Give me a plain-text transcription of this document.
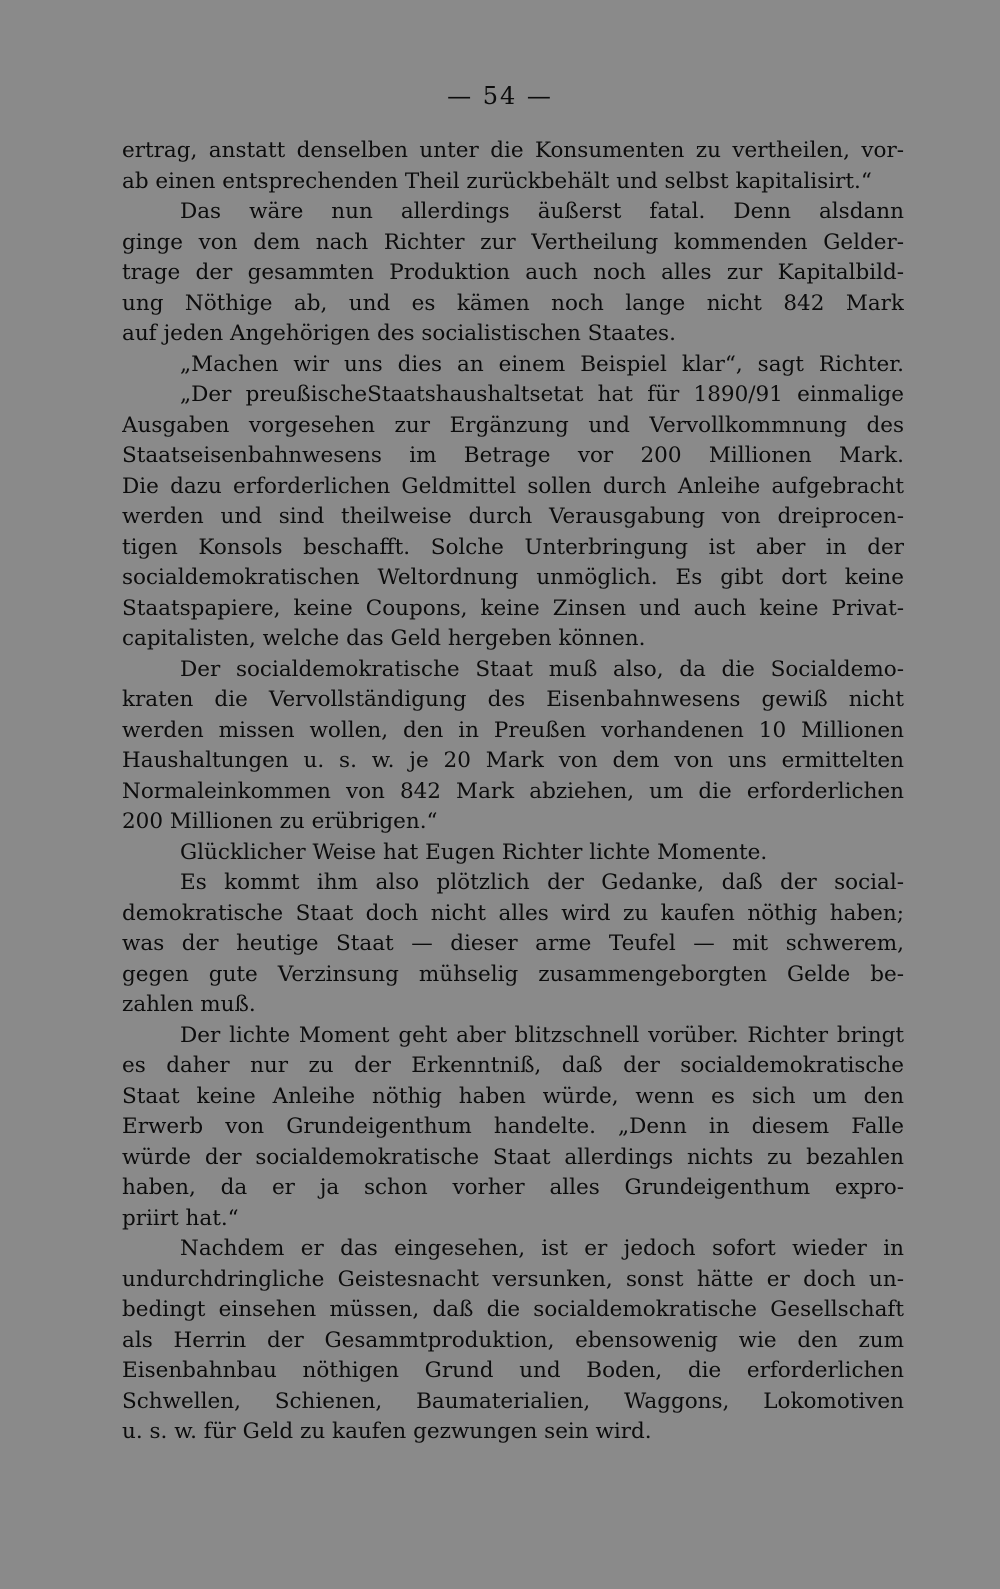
— 54 —
ertrag, anstatt denselben unter die Konsumenten zu vertheilen, vor-
ab einen entsprechenden Theil zurückbehält und selbst kapitalisirt.“
Das wäre nun allerdings äußerst fatal. Denn alsdann
ginge von dem nach Richter zur Vertheilung kommenden Gelder-
trage der gesammten Produktion auch noch alles zur Kapitalbild-
ung Nöthige ab, und es kämen noch lange nicht 842 Mark
auf jeden Angehörigen des socialistischen Staates.
„Machen wir uns dies an einem Beispiel klar“, sagt Richter.
„Der preußischeStaatshaushaltsetat hat für 1890/91 einmalige
Ausgaben vorgesehen zur Ergänzung und Vervollkommnung des
Staatseisenbahnwesens im Betrage vor 200 Millionen Mark.
Die dazu erforderlichen Geldmittel sollen durch Anleihe aufgebracht
werden und sind theilweise durch Verausgabung von dreiprocen-
tigen Konsols beschafft. Solche Unterbringung ist aber in der
socialdemokratischen Weltordnung unmöglich. Es gibt dort keine
Staatspapiere, keine Coupons, keine Zinsen und auch keine Privat-
capitalisten, welche das Geld hergeben können.
Der socialdemokratische Staat muß also, da die Socialdemo-
kraten die Vervollständigung des Eisenbahnwesens gewiß nicht
werden missen wollen, den in Preußen vorhandenen 10 Millionen
Haushaltungen u. s. w. je 20 Mark von dem von uns ermittelten
Normaleinkommen von 842 Mark abziehen, um die erforderlichen
200 Millionen zu erübrigen.“
Glücklicher Weise hat Eugen Richter lichte Momente.
Es kommt ihm also plötzlich der Gedanke, daß der social-
demokratische Staat doch nicht alles wird zu kaufen nöthig haben;
was der heutige Staat — dieser arme Teufel — mit schwerem,
gegen gute Verzinsung mühselig zusammengeborgten Gelde be-
zahlen muß.
Der lichte Moment geht aber blitzschnell vorüber. Richter bringt
es daher nur zu der Erkenntniß, daß der socialdemokratische
Staat keine Anleihe nöthig haben würde, wenn es sich um den
Erwerb von Grundeigenthum handelte. „Denn in diesem Falle
würde der socialdemokratische Staat allerdings nichts zu bezahlen
haben, da er ja schon vorher alles Grundeigenthum expro-
priirt hat.“
Nachdem er das eingesehen, ist er jedoch sofort wieder in
undurchdringliche Geistesnacht versunken, sonst hätte er doch un-
bedingt einsehen müssen, daß die socialdemokratische Gesellschaft
als Herrin der Gesammtproduktion, ebensowenig wie den zum
Eisenbahnbau nöthigen Grund und Boden, die erforderlichen
Schwellen, Schienen, Baumaterialien, Waggons, Lokomotiven
u. s. w. für Geld zu kaufen gezwungen sein wird.
